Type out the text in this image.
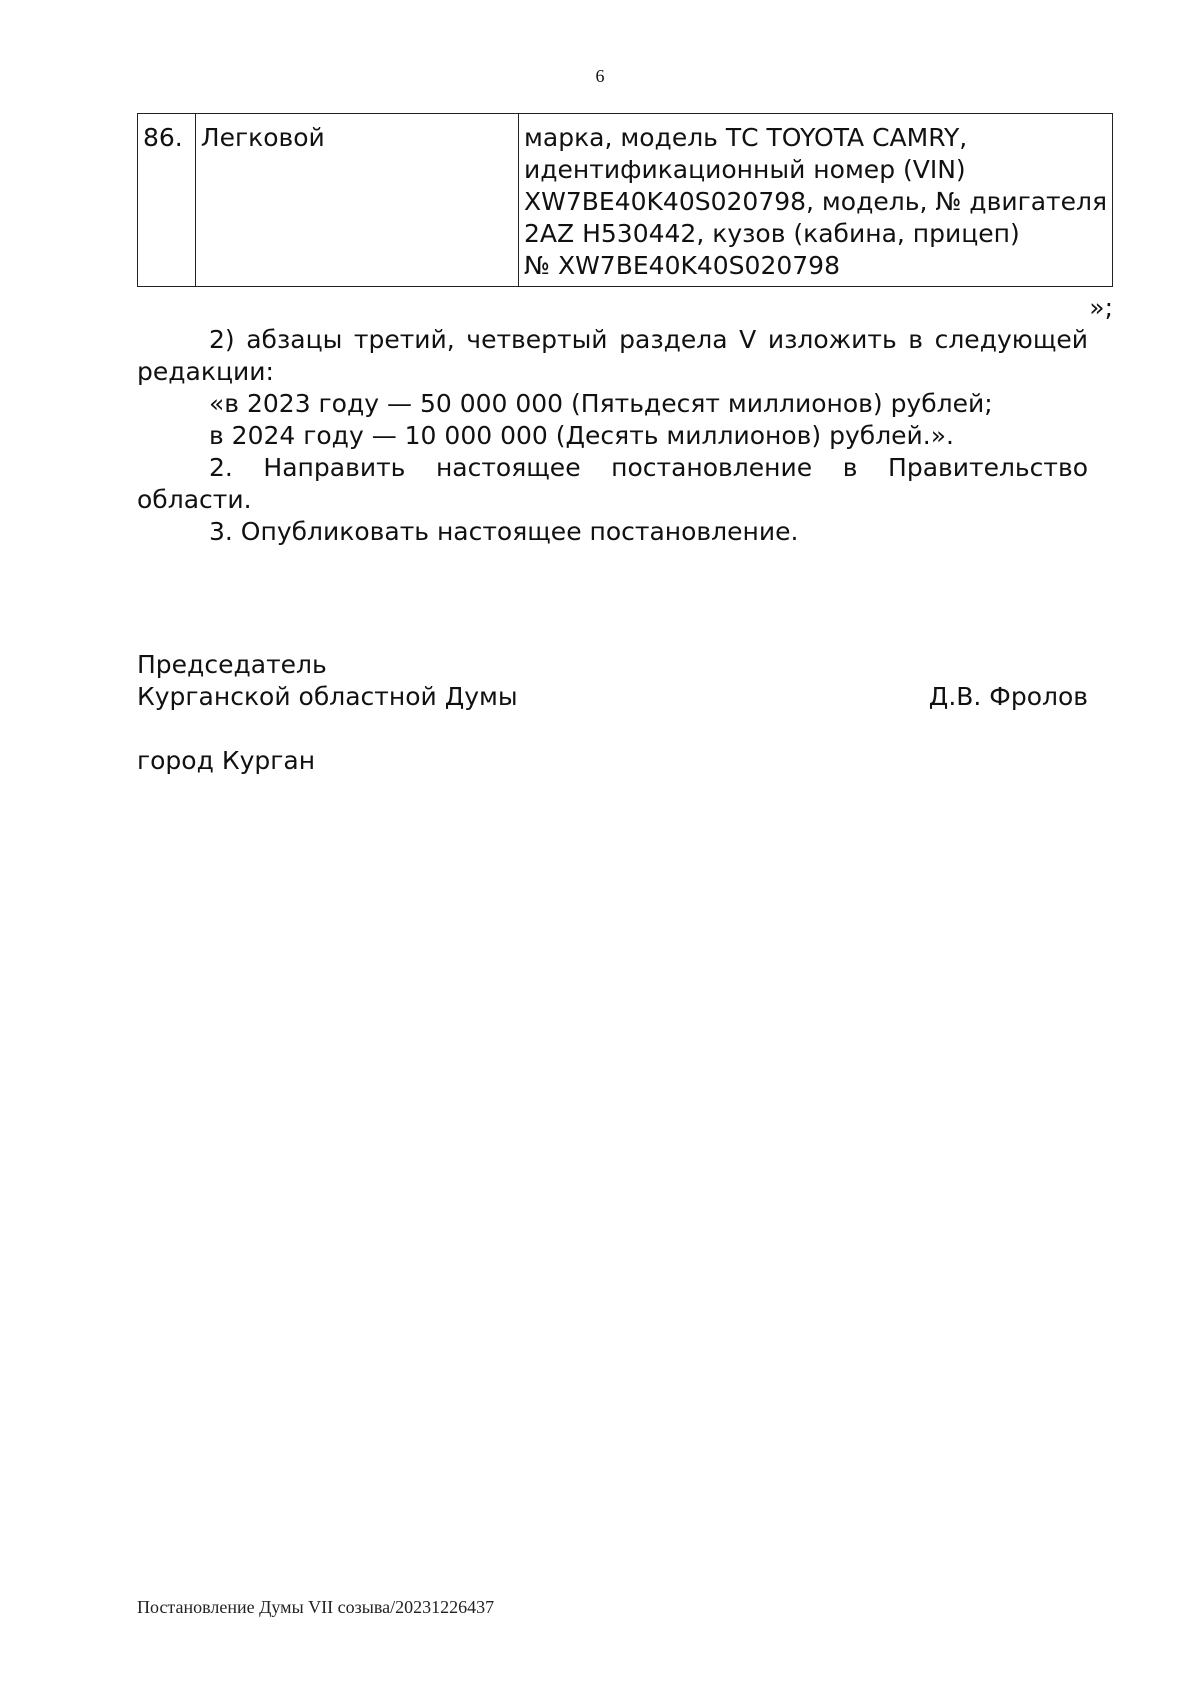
6
86.	Легковой	марка, модель ТС TOYOTA CAMRY,
идентификационный номер (VIN)
XW7BE40K40S020798, модель, № двигателя
2AZ H530442, кузов (кабина, прицеп)
№ XW7BE40K40S020798
»;
2) абзацы третий, четвертый раздела V изложить в следующей
редакции:
«в 2023 году — 50 000 000 (Пятьдесят миллионов) рублей;
в 2024 году — 10 000 000 (Десять миллионов) рублей.».
2. Направить настоящее постановление в Правительство
области.
3. Опубликовать настоящее постановление.
Председатель
Курганской областной Думы	Д.В. Фролов
город Курган
Постановление Думы VII созыва/20231226437
